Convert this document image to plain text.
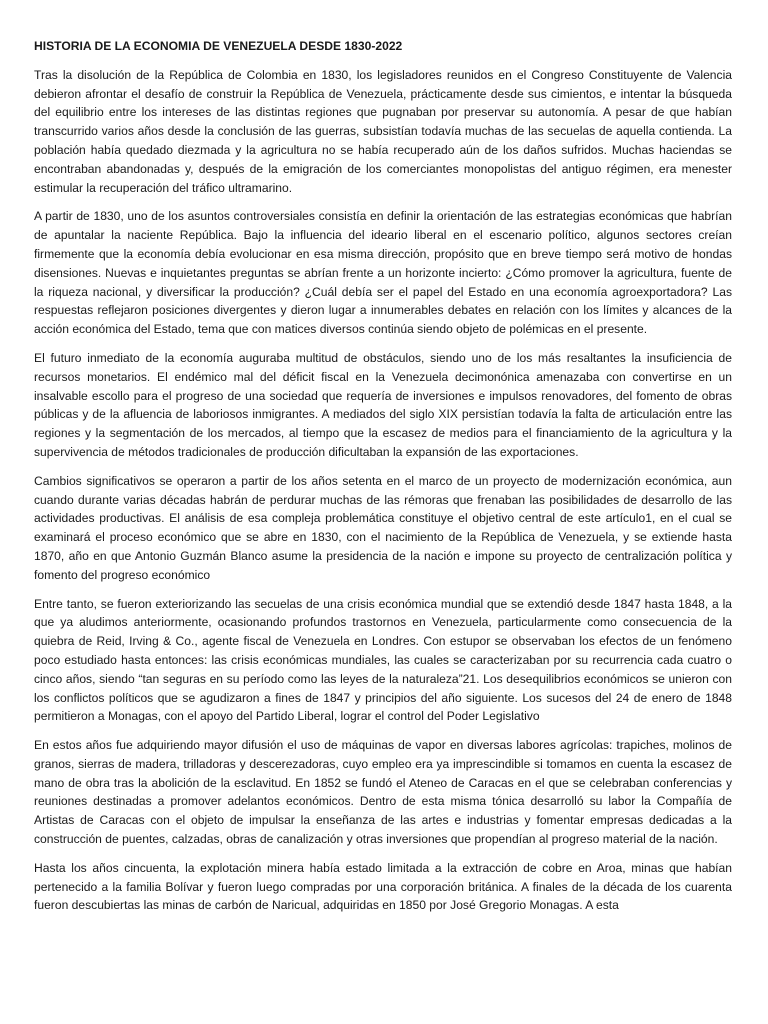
HISTORIA DE LA ECONOMIA DE VENEZUELA DESDE 1830-2022

Tras la disolución de la República de Colombia en 1830, los legisladores reunidos en el Congreso Constituyente de Valencia debieron afrontar el desafío de construir la República de Venezuela, prácticamente desde sus cimientos, e intentar la búsqueda del equilibrio entre los intereses de las distintas regiones que pugnaban por preservar su autonomía. A pesar de que habían transcurrido varios años desde la conclusión de las guerras, subsistían todavía muchas de las secuelas de aquella contienda. La población había quedado diezmada y la agricultura no se había recuperado aún de los daños sufridos. Muchas haciendas se encontraban abandonadas y, después de la emigración de los comerciantes monopolistas del antiguo régimen, era menester estimular la recuperación del tráfico ultramarino.

A partir de 1830, uno de los asuntos controversiales consistía en definir la orientación de las estrategias económicas que habrían de apuntalar la naciente República. Bajo la influencia del ideario liberal en el escenario político, algunos sectores creían firmemente que la economía debía evolucionar en esa misma dirección, propósito que en breve tiempo será motivo de hondas disensiones. Nuevas e inquietantes preguntas se abrían frente a un horizonte incierto: ¿Cómo promover la agricultura, fuente de la riqueza nacional, y diversificar la producción? ¿Cuál debía ser el papel del Estado en una economía agroexportadora? Las respuestas reflejaron posiciones divergentes y dieron lugar a innumerables debates en relación con los límites y alcances de la acción económica del Estado, tema que con matices diversos continúa siendo objeto de polémicas en el presente.

El futuro inmediato de la economía auguraba multitud de obstáculos, siendo uno de los más resaltantes la insuficiencia de recursos monetarios. El endémico mal del déficit fiscal en la Venezuela decimonónica amenazaba con convertirse en un insalvable escollo para el progreso de una sociedad que requería de inversiones e impulsos renovadores, del fomento de obras públicas y de la afluencia de laboriosos inmigrantes. A mediados del siglo XIX persistían todavía la falta de articulación entre las regiones y la segmentación de los mercados, al tiempo que la escasez de medios para el financiamiento de la agricultura y la supervivencia de métodos tradicionales de producción dificultaban la expansión de las exportaciones.

Cambios significativos se operaron a partir de los años setenta en el marco de un proyecto de modernización económica, aun cuando durante varias décadas habrán de perdurar muchas de las rémoras que frenaban las posibilidades de desarrollo de las actividades productivas. El análisis de esa compleja problemática constituye el objetivo central de este artículo1, en el cual se examinará el proceso económico que se abre en 1830, con el nacimiento de la República de Venezuela, y se extiende hasta 1870, año en que Antonio Guzmán Blanco asume la presidencia de la nación e impone su proyecto de centralización política y fomento del progreso económico

Entre tanto, se fueron exteriorizando las secuelas de una crisis económica mundial que se extendió desde 1847 hasta 1848, a la que ya aludimos anteriormente, ocasionando profundos trastornos en Venezuela, particularmente como consecuencia de la quiebra de Reid, Irving & Co., agente fiscal de Venezuela en Londres. Con estupor se observaban los efectos de un fenómeno poco estudiado hasta entonces: las crisis económicas mundiales, las cuales se caracterizaban por su recurrencia cada cuatro o cinco años, siendo “tan seguras en su período como las leyes de la naturaleza”21. Los desequilibrios económicos se unieron con los conflictos políticos que se agudizaron a fines de 1847 y principios del año siguiente. Los sucesos del 24 de enero de 1848 permitieron a Monagas, con el apoyo del Partido Liberal, lograr el control del Poder Legislativo

En estos años fue adquiriendo mayor difusión el uso de máquinas de vapor en diversas labores agrícolas: trapiches, molinos de granos, sierras de madera, trilladoras y descerezadoras, cuyo empleo era ya imprescindible si tomamos en cuenta la escasez de mano de obra tras la abolición de la esclavitud. En 1852 se fundó el Ateneo de Caracas en el que se celebraban conferencias y reuniones destinadas a promover adelantos económicos. Dentro de esta misma tónica desarrolló su labor la Compañía de Artistas de Caracas con el objeto de impulsar la enseñanza de las artes e industrias y fomentar empresas dedicadas a la construcción de puentes, calzadas, obras de canalización y otras inversiones que propendían al progreso material de la nación.

Hasta los años cincuenta, la explotación minera había estado limitada a la extracción de cobre en Aroa, minas que habían pertenecido a la familia Bolívar y fueron luego compradas por una corporación británica. A finales de la década de los cuarenta fueron descubiertas las minas de carbón de Naricual, adquiridas en 1850 por José Gregorio Monagas. A esta
